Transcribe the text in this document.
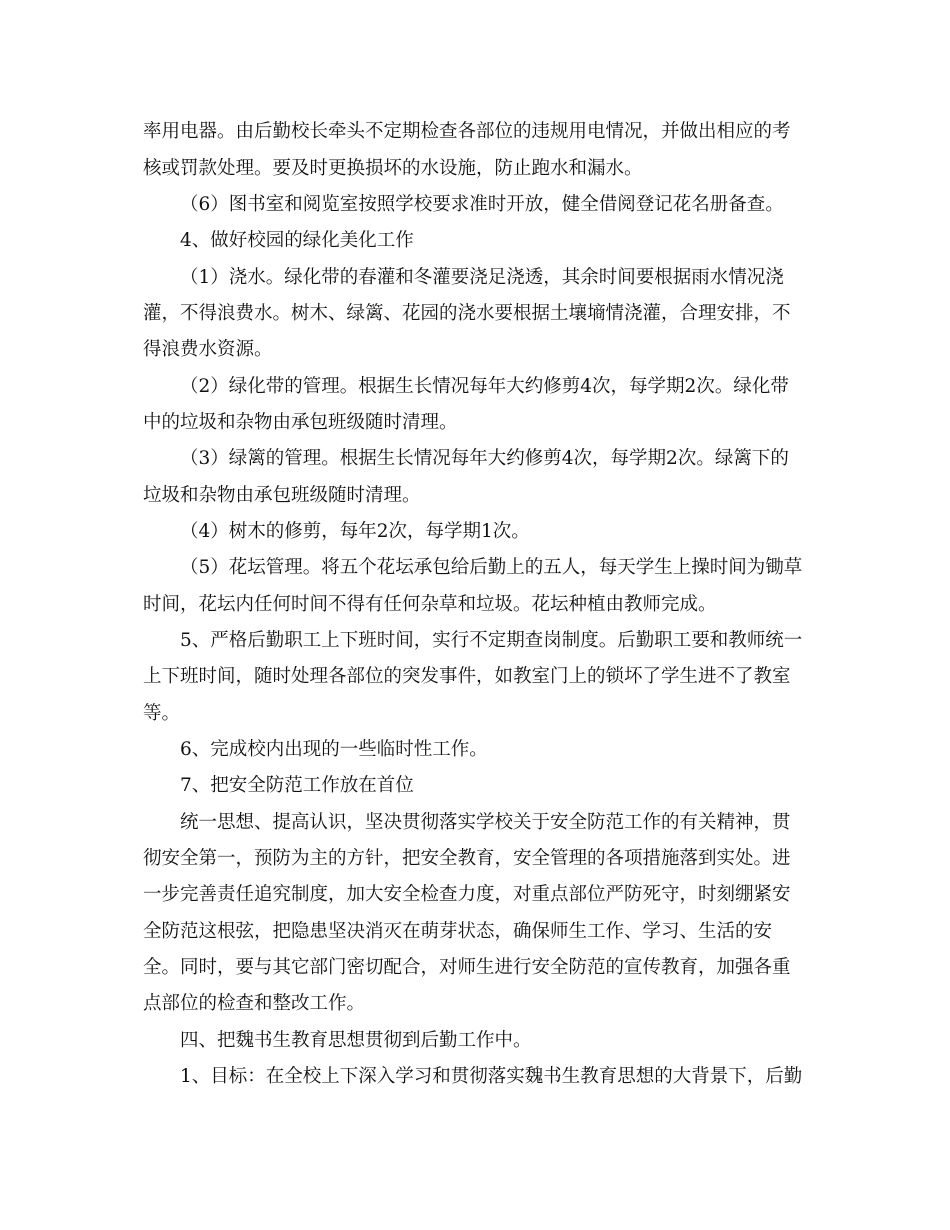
率用电器。由后勤校长牵头不定期检查各部位的违规用电情况，并做出相应的考
核或罚款处理。要及时更换损坏的水设施，防止跑水和漏水。
（6）图书室和阅览室按照学校要求准时开放，健全借阅登记花名册备查。
4、做好校园的绿化美化工作
（1）浇水。绿化带的春灌和冬灌要浇足浇透，其余时间要根据雨水情况浇
灌，不得浪费水。树木、绿篱、花园的浇水要根据土壤墒情浇灌，合理安排，不
得浪费水资源。
（2）绿化带的管理。根据生长情况每年大约修剪4次，每学期2次。绿化带
中的垃圾和杂物由承包班级随时清理。
（3）绿篱的管理。根据生长情况每年大约修剪4次，每学期2次。绿篱下的
垃圾和杂物由承包班级随时清理。
（4）树木的修剪，每年2次，每学期1次。
（5）花坛管理。将五个花坛承包给后勤上的五人，每天学生上操时间为锄草
时间，花坛内任何时间不得有任何杂草和垃圾。花坛种植由教师完成。
5、严格后勤职工上下班时间，实行不定期查岗制度。后勤职工要和教师统一
上下班时间，随时处理各部位的突发事件，如教室门上的锁坏了学生进不了教室
等。
6、完成校内出现的一些临时性工作。
7、把安全防范工作放在首位
统一思想、提高认识，坚决贯彻落实学校关于安全防范工作的有关精神，贯
彻安全第一，预防为主的方针，把安全教育，安全管理的各项措施落到实处。进
一步完善责任追究制度，加大安全检查力度，对重点部位严防死守，时刻绷紧安
全防范这根弦，把隐患坚决消灭在萌芽状态，确保师生工作、学习、生活的安
全。同时，要与其它部门密切配合，对师生进行安全防范的宣传教育，加强各重
点部位的检查和整改工作。
四、把魏书生教育思想贯彻到后勤工作中。
1、目标：在全校上下深入学习和贯彻落实魏书生教育思想的大背景下，后勤
